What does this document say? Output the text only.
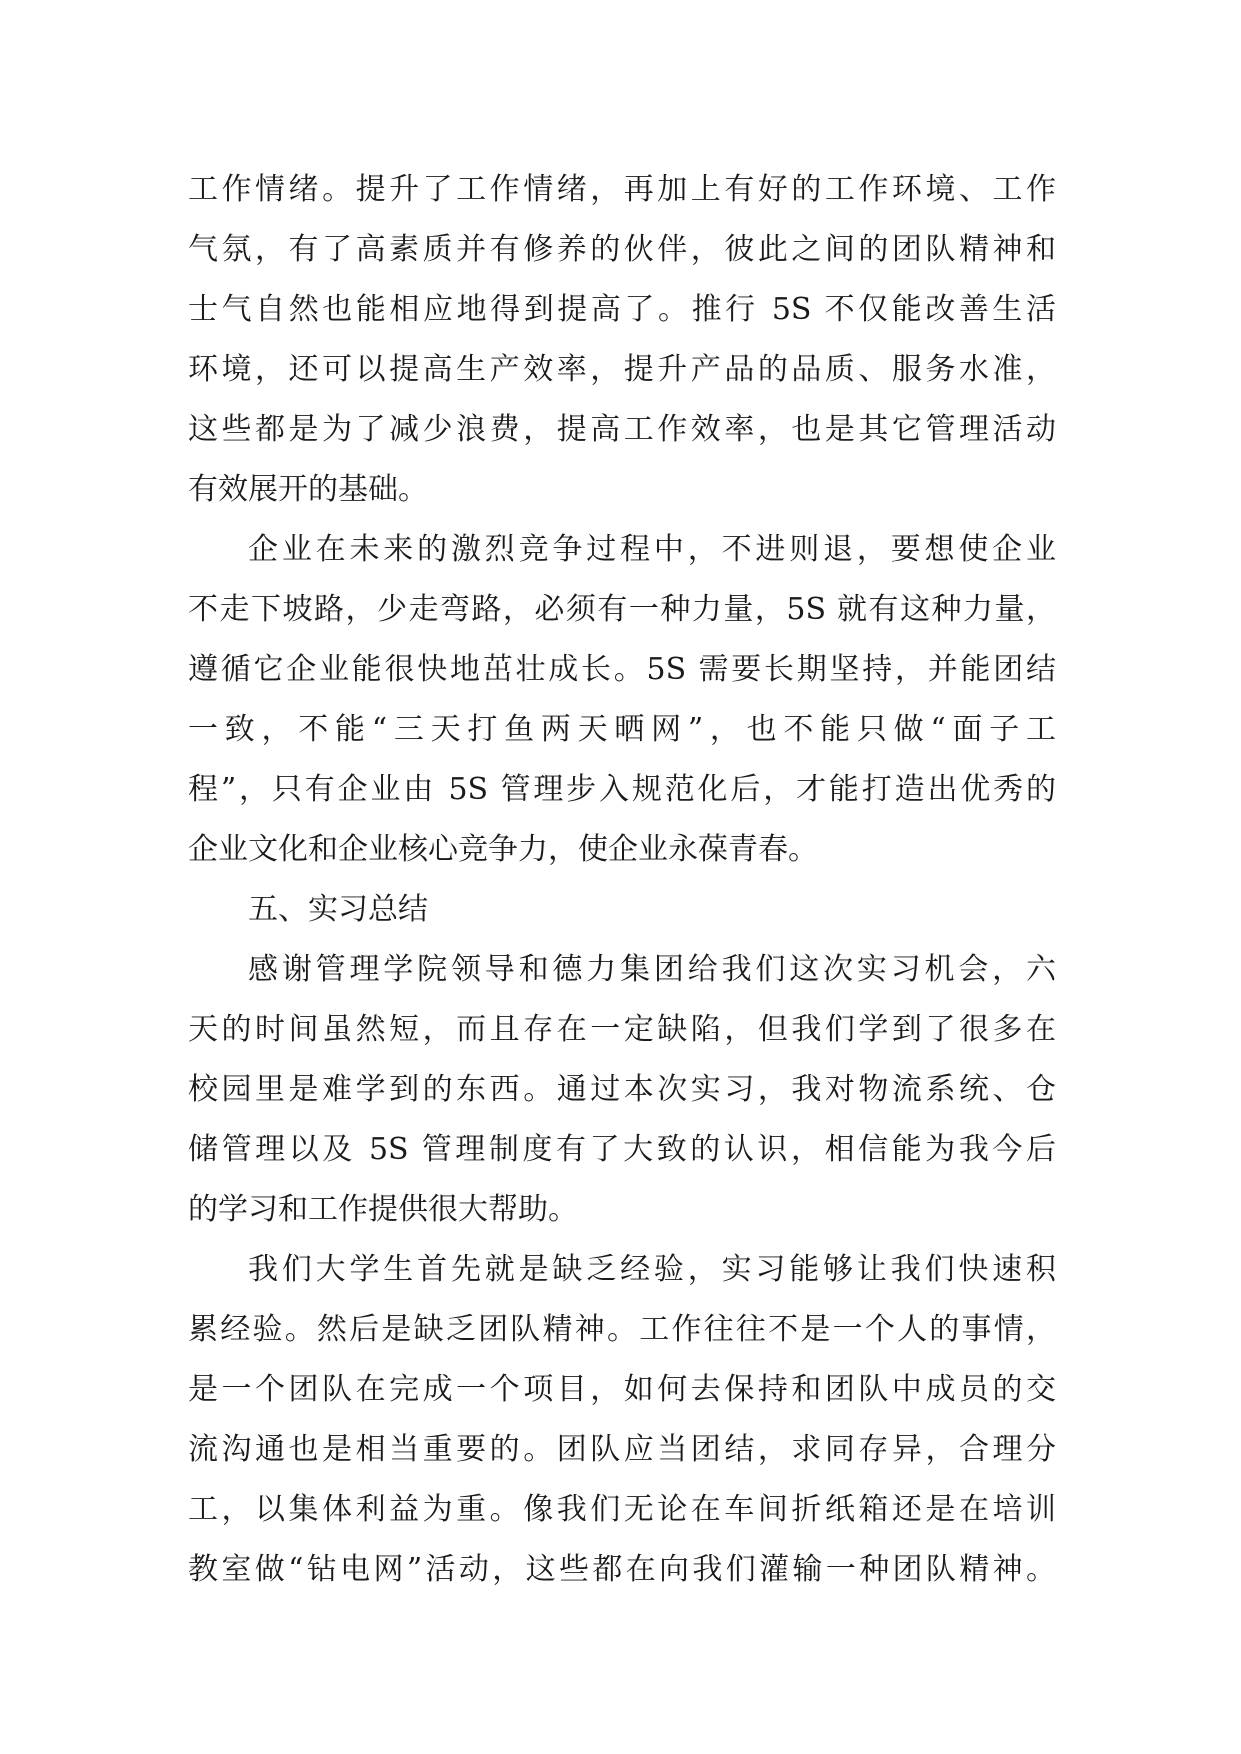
工作情绪。提升了工作情绪，再加上有好的工作环境、工作
气氛，有了高素质并有修养的伙伴，彼此之间的团队精神和
士气自然也能相应地得到提高了。推行 5S 不仅能改善生活
环境，还可以提高生产效率，提升产品的品质、服务水准，
这些都是为了减少浪费，提高工作效率，也是其它管理活动
有效展开的基础。
企业在未来的激烈竞争过程中，不进则退，要想使企业
不走下坡路，少走弯路，必须有一种力量，5S 就有这种力量，
遵循它企业能很快地茁壮成长。5S 需要长期坚持，并能团结
一致，不能“三天打鱼两天晒网”，也不能只做“面子工
程”，只有企业由 5S 管理步入规范化后，才能打造出优秀的
企业文化和企业核心竞争力，使企业永葆青春。
五、实习总结
感谢管理学院领导和德力集团给我们这次实习机会，六
天的时间虽然短，而且存在一定缺陷，但我们学到了很多在
校园里是难学到的东西。通过本次实习，我对物流系统、仓
储管理以及 5S 管理制度有了大致的认识，相信能为我今后
的学习和工作提供很大帮助。
我们大学生首先就是缺乏经验，实习能够让我们快速积
累经验。然后是缺乏团队精神。工作往往不是一个人的事情，
是一个团队在完成一个项目，如何去保持和团队中成员的交
流沟通也是相当重要的。团队应当团结，求同存异，合理分
工，以集体利益为重。像我们无论在车间折纸箱还是在培训
教室做“钻电网”活动，这些都在向我们灌输一种团队精神。
